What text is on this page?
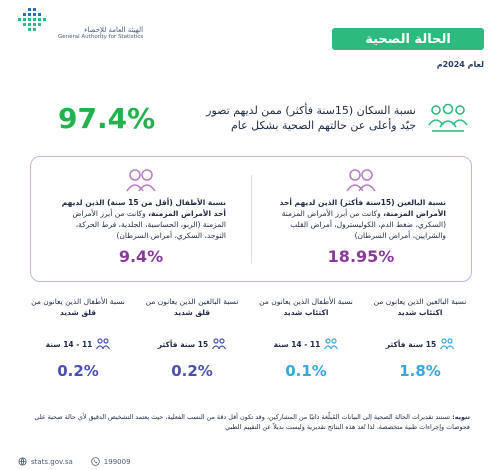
الهيئة العامة للإحصاء
General Authority for Statistics	الحالة الصحية
لعام 2024م
97.4%	نسبة السكان (15سنة فأكثر) ممن لديهم تصور جيّد وأعلى عن حالتهم الصحية بشكل عام
نسبة البالغين (15سنة فأكثر) الذين لديهم أحد الأمراض المزمنة، وكانت من أبرز الأمراض المزمنة (السكري، ضغط الدم، الكوليسترول، أمراض القلب والشرايين، أمراض السرطان)
18.95%
نسبة الأطفال (أقل من 15 سنة) الذين لديهم أحد الأمراض المزمنة، وكانت من أبرز الأمراض المزمنة (الربو، الحساسية، الجلدية، فرط الحركة، التوحد، السكري، أمراض السرطان)
9.4%
نسبة البالغين الذين يعانون من
اكتئاب شديد
15 سنة فأكثر
1.8%
نسبة الأطفال الذين يعانون من
اكتئاب شديد
11 - 14 سنة
0.1%
نسبة البالغين الذين يعانون من
قلق شديد
15 سنة فأكثر
0.2%
نسبة الأطفال الذين يعانون من
قلق شديد
11 - 14 سنة
0.2%
تنويه: تستند تقديرات الحالة الصحية إلى البيانات المُبلّغة ذاتيًا من المشاركين، وقد تكون أقل دقة من النسب الفعلية، حيث يعتمد التشخيص الدقيق لأي حالة صحية على فحوصات وإجراءات طبية متخصصة، لذا تُعد هذه النتائج تقديرية وليست بديلاً عن التقييم الطبي
stats.gov.sa	199009
